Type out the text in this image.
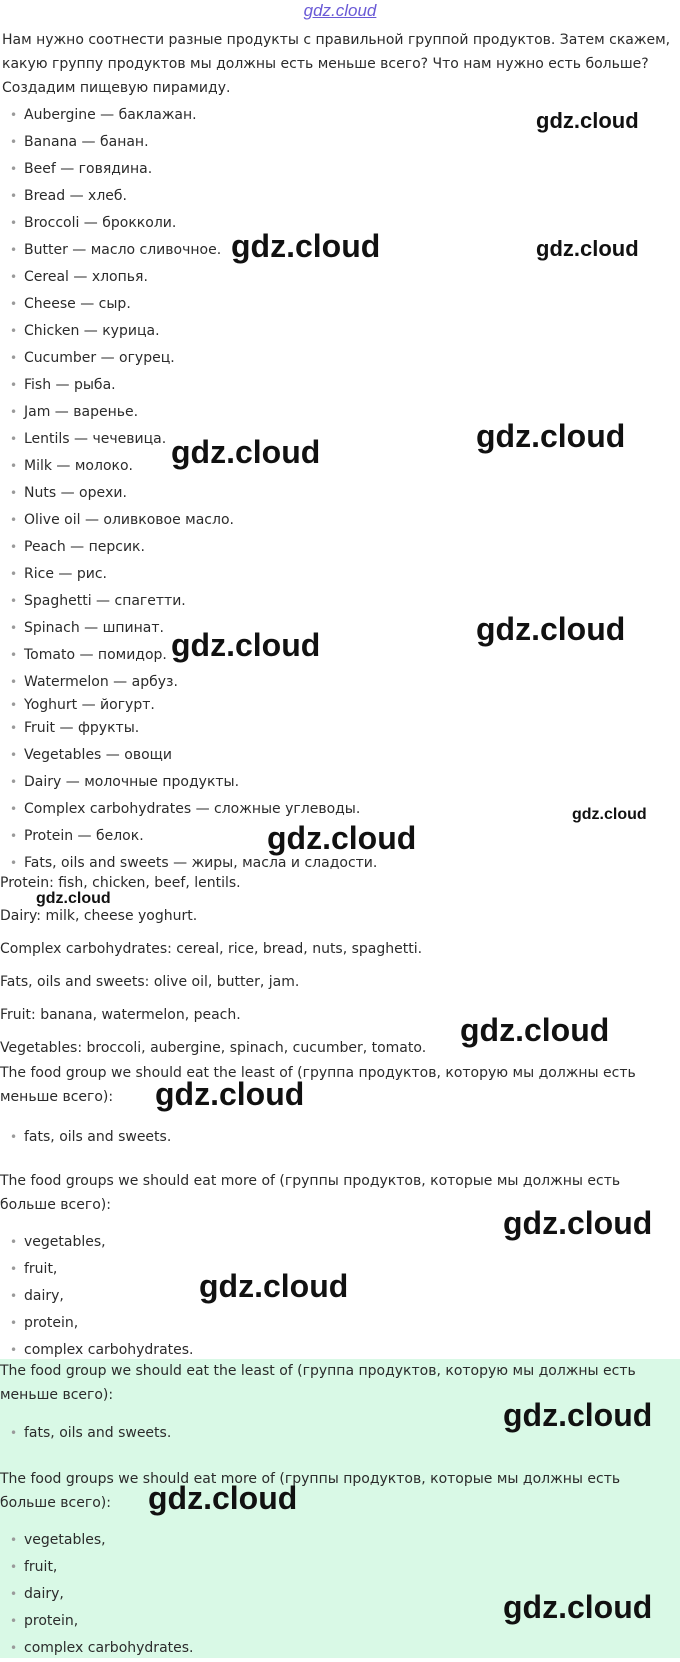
gdz.cloud

Нам нужно соотнести разные продукты с правильной группой продуктов. Затем скажем, какую группу продуктов мы должны есть меньше всего? Что нам нужно есть больше? Создадим пищевую пирамиду.

• Aubergine — баклажан.
• Banana — банан.
• Beef — говядина.
• Bread — хлеб.
• Broccoli — брокколи.
• Butter — масло сливочное.
• Cereal — хлопья.
• Cheese — сыр.
• Chicken — курица.
• Cucumber — огурец.
• Fish — рыба.
• Jam — варенье.
• Lentils — чечевица.
• Milk — молоко.
• Nuts — орехи.
• Olive oil — оливковое масло.
• Peach — персик.
• Rice — рис.
• Spaghetti — спагетти.
• Spinach — шпинат.
• Tomato — помидор.
• Watermelon — арбуз.
• Yoghurt — йогурт.
• Fruit — фрукты.
• Vegetables — овощи
• Dairy — молочные продукты.
• Complex carbohydrates — сложные углеводы.
• Protein — белок.
• Fats, oils and sweets — жиры, масла и сладости.

Protein: fish, chicken, beef, lentils.

Dairy: milk, cheese yoghurt.

Complex carbohydrates: cereal, rice, bread, nuts, spaghetti.

Fats, oils and sweets: olive oil, butter, jam.

Fruit: banana, watermelon, peach.

Vegetables: broccoli, aubergine, spinach, cucumber, tomato.

The food group we should eat the least of (группа продуктов, которую мы должны есть меньше всего):

• fats, oils and sweets.

The food groups we should eat more of (группы продуктов, которые мы должны есть больше всего):

• vegetables,
• fruit,
• dairy,
• protein,
• complex carbohydrates.

The food group we should eat the least of (группа продуктов, которую мы должны есть меньше всего):

• fats, oils and sweets.

The food groups we should eat more of (группы продуктов, которые мы должны есть больше всего):

• vegetables,
• fruit,
• dairy,
• protein,
• complex carbohydrates.
gdz.cloud
gdz.cloud	gdz.cloud
gdz.cloud
gdz.cloud
gdz.cloud
gdz.cloud
gdz.cloud
gdz.cloud
gdz.cloud
gdz.cloud
gdz.cloud
gdz.cloud
gdz.cloud
gdz.cloud
gdz.cloud
gdz.cloud
